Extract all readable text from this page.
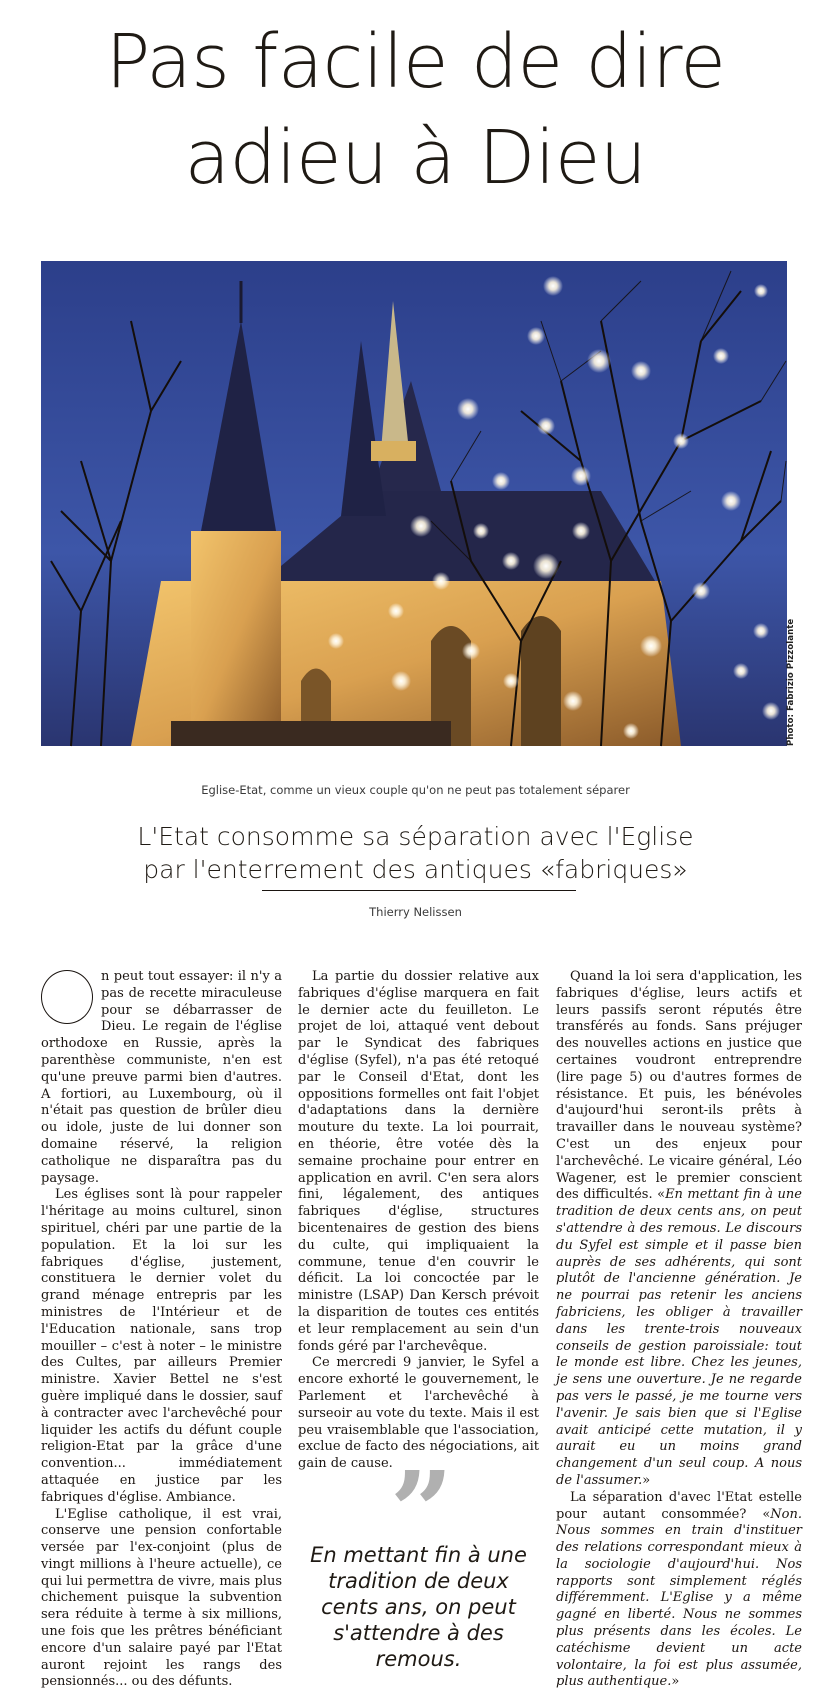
Pas facile de dire
adieu à Dieu
Photo: Fabrizio Pizzolante
Eglise-Etat, comme un vieux couple qu'on ne peut pas totalement séparer
L'Etat consomme sa séparation avec l'Eglise
par l'enterrement des antiques «fabriques»
Thierry Nelissen

n peut tout essayer: il n'y a pas de recette miraculeuse pour se débarrasser de Dieu. Le regain de l'église orthodoxe en Russie, après la parenthèse communiste, n'en est qu'une preuve parmi bien d'autres. A fortiori, au Luxembourg, où il n'était pas question de brûler dieu ou idole, juste de lui donner son domaine réservé, la religion catholique ne disparaîtra pas du paysage.

Les églises sont là pour rappeler l'héritage au moins culturel, sinon spirituel, chéri par une partie de la population. Et la loi sur les fabriques d'église, justement, constituera le dernier volet du grand ménage entrepris par les ministres de l'Intérieur et de l'Education nationale, sans trop mouiller – c'est à noter – le ministre des Cultes, par ailleurs Premier ministre. Xavier Bettel ne s'est guère impliqué dans le dossier, sauf à contracter avec l'archevêché pour liquider les actifs du défunt couple religion-Etat par la grâce d'une convention... immédiatement attaquée en justice par les fabriques d'église. Ambiance.

L'Eglise catholique, il est vrai, conserve une pension confortable versée par l'ex-conjoint (plus de vingt millions à l'heure actuelle), ce qui lui permettra de vivre, mais plus chichement puisque la subvention sera réduite à terme à six millions, une fois que les prêtres bénéficiant encore d'un salaire payé par l'Etat auront rejoint les rangs des pensionnés... ou des défunts.

La partie du dossier relative aux fabriques d'église marquera en fait le dernier acte du feuilleton. Le projet de loi, attaqué vent debout par le Syndicat des fabriques d'église (Syfel), n'a pas été retoqué par le Conseil d'Etat, dont les oppositions formelles ont fait l'objet d'adaptations dans la dernière mouture du texte. La loi pourrait, en théorie, être votée dès la semaine prochaine pour entrer en application en avril. C'en sera alors fini, légalement, des antiques fabriques d'église, structures bicentenaires de gestion des biens du culte, qui impliquaient la commune, tenue d'en couvrir le déficit. La loi concoctée par le ministre (LSAP) Dan Kersch prévoit la disparition de toutes ces entités et leur remplacement au sein d'un fonds géré par l'archevêque.

Ce mercredi 9 janvier, le Syfel a encore exhorté le gouvernement, le Parlement et l'archevêché à surseoir au vote du texte. Mais il est peu vraisemblable que l'association, exclue de facto des négociations, ait gain de cause.

”
En mettant fin à une tradition de deux cents ans, on peut s'attendre à des remous.

Quand la loi sera d'application, les fabriques d'église, leurs actifs et leurs passifs seront réputés être transférés au fonds. Sans préjuger des nouvelles actions en justice que certaines voudront entreprendre (lire page 5) ou d'autres formes de résistance. Et puis, les bénévoles d'aujourd'hui seront-ils prêts à travailler dans le nouveau système? C'est un des enjeux pour l'archevêché. Le vicaire général, Léo Wagener, est le premier conscient des difficultés. «En mettant fin à une tradition de deux cents ans, on peut s'attendre à des remous. Le discours du Syfel est simple et il passe bien auprès de ses adhérents, qui sont plutôt de l'ancienne génération. Je ne pourrai pas retenir les anciens fabriciens, les obliger à travailler dans les trente-trois nouveaux conseils de gestion paroissiale: tout le monde est libre. Chez les jeunes, je sens une ouverture. Je ne regarde pas vers le passé, je me tourne vers l'avenir. Je sais bien que si l'Eglise avait anticipé cette mutation, il y aurait eu un moins grand changement d'un seul coup. A nous de l'assumer.»

La séparation d'avec l'Etat estelle pour autant consommée? «Non. Nous sommes en train d'instituer des relations correspondant mieux à la sociologie d'aujourd'hui. Nos rapports sont simplement réglés différemment. L'Eglise y a même gagné en liberté. Nous ne sommes plus présents dans les écoles. Le catéchisme devient un acte volontaire, la foi est plus assumée, plus authentique.»
